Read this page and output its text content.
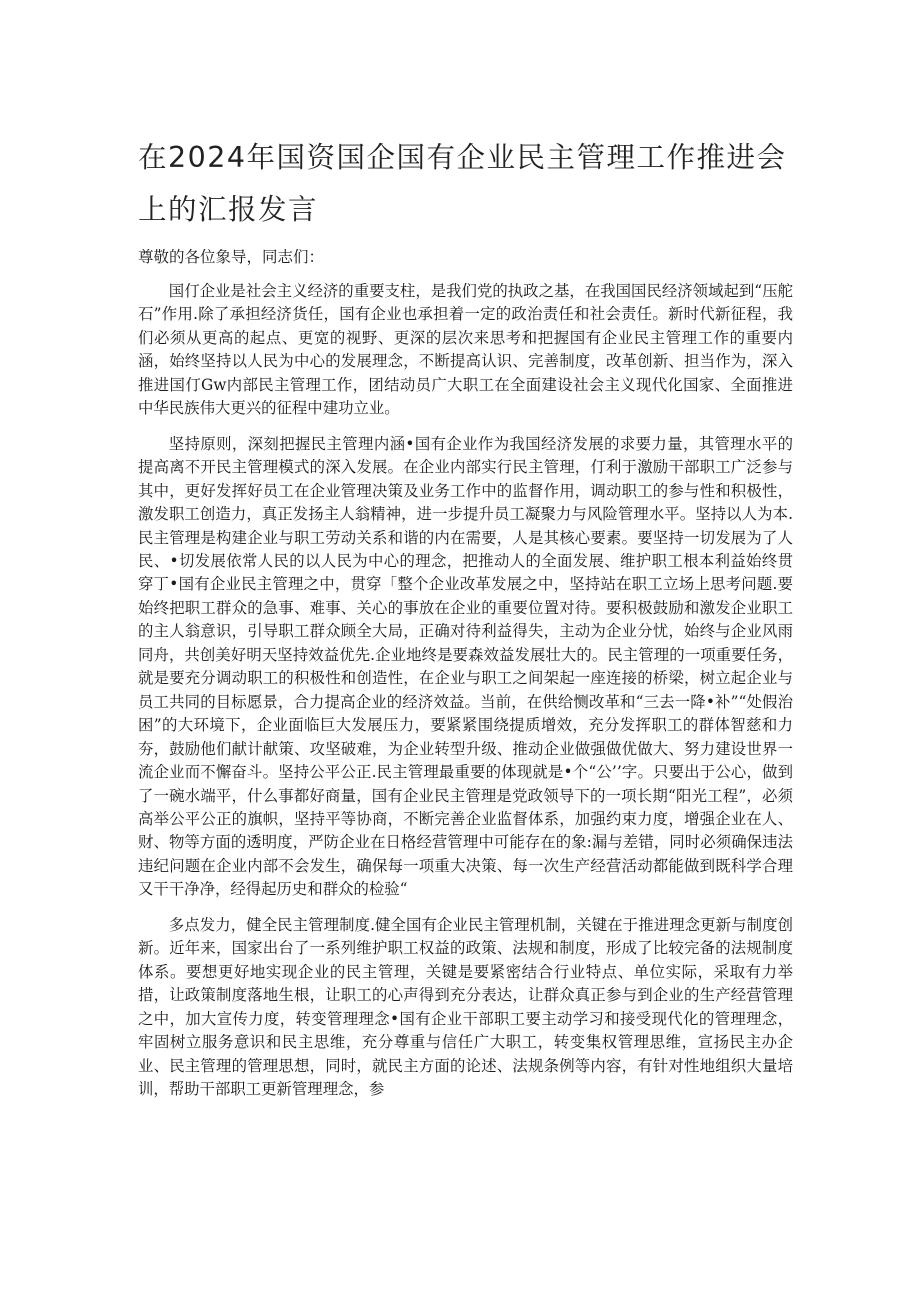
在2024年国资国企国有企业民主管理工作推进会上的汇报发言

尊敬的各位象导，同志们：

国仃企业是社会主义经济的重要支柱，是我们党的执政之基，在我国国民经济领域起到“压舵石”作用.除了承担经济货任，国有企业也承担着一定的政治责任和社会责任。新时代新征程，我们必须从更高的起点、更宽的视野、更深的层次来思考和把握国有企业民主管理工作的重要内涵，始终坚持以人民为中心的发展理念，不断提高认识、完善制度，改革创新、担当作为，深入推进国仃Gw内部民主管理工作，团结动员广大职工在全面建设社会主义现代化国家、全面推进中华民族伟大更兴的征程中建功立业。

坚持原则，深刻把握民主管理内涵•国有企业作为我国经济发展的求要力量，其管理水平的提高离不开民主管理模式的深入发展。在企业内部实行民主管理，仃利于激励干部职工广泛参与其中，更好发挥好员工在企业管理决策及业务工作中的监督作用，调动职工的参与性和积极性，激发职工创造力，真正发扬主人翁精神，进一步提升员工凝聚力与风险管理水平。坚持以人为本.民主管理是构建企业与职工劳动关系和谐的内在需要，人是其核心要素。要坚持一切发展为了人民、•切发展依常人民的以人民为中心的理念，把推动人的全面发展、维护职工根本利益始终贯穿丁•国有企业民主管理之中，贯穿「整个企业改革发展之中，坚持站在职工立场上思考问题.要始终把职工群众的急事、难事、关心的事放在企业的重要位置对待。要积极鼓励和激发企业职工的主人翁意识，引导职工群众顾全大局，正确对待利益得失，主动为企业分忧，始终与企业风雨同舟，共创美好明天坚持效益优先.企业地终是要森效益发展壮大的。民主管理的一项重要任务，就是要充分调动职工的积极性和创造性，在企业与职工之间架起一座连接的桥梁，树立起企业与员工共同的目标愿景，合力提高企业的经济效益。当前，在供给恻改革和“三去一降•补”“处假治困”的大环境下，企业面临巨大发展压力，要紧紧围绕提质增效，充分发挥职工的群体智慈和力夯，鼓励他们献计献策、攻坚破难，为企业转型升级、推动企业做强做优做大、努力建设世界一流企业而不懈奋斗。坚持公平公正.民主管理最重要的体现就是•个“公’’字。只要出于公心，做到了一碗水端平，什么事都好商量，国有企业民主管理是党政领导下的一项长期“阳光工程”，必须高举公平公正的旗帜，坚持平等协商，不断完善企业监督体系，加强约束力度，增强企业在人、财、物等方面的透明度，严防企业在日格经营管理中可能存在的象:漏与差错，同时必须确保违法违纪问题在企业内部不会发生，确保每一项重大决策、每一次生产经营活动都能做到既科学合理又干干净净，经得起历史和群众的检验“

多点发力，健全民主管理制度.健全国有企业民主管理机制，关键在于推进理念更新与制度创新。近年来，国家出台了一系列维护职工权益的政策、法规和制度，形成了比较完备的法规制度体系。要想更好地实现企业的民主管理，关键是要紧密结合行业特点、单位实际，采取有力举措，让政策制度落地生根，让职工的心声得到充分表达，让群众真正参与到企业的生产经营管理之中，加大宣传力度，转变管理理念•国有企业干部职工要主动学习和接受现代化的管理理念，牢固树立服务意识和民主思维，充分尊重与信任广大职工，转变集权管理思维，宣扬民主办企业、民主管理的管理思想，同时，就民主方面的论述、法规条例等内容，有针对性地组织大量培训，帮助干部职工更新管理理念，参
